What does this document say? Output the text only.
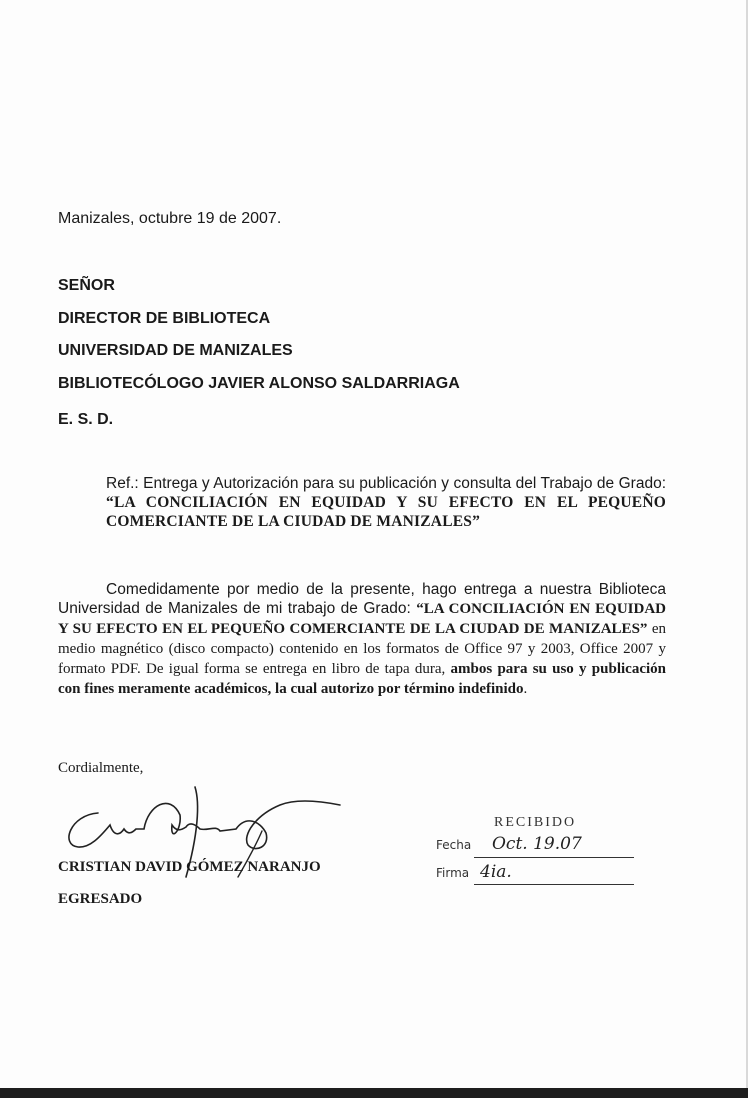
Manizales, octubre 19 de 2007.
SEÑOR
DIRECTOR DE BIBLIOTECA
UNIVERSIDAD DE MANIZALES
BIBLIOTECÓLOGO JAVIER ALONSO SALDARRIAGA
E. S. D.
Ref.: Entrega y Autorización para su publicación y consulta del Trabajo de Grado: “LA CONCILIACIÓN EN EQUIDAD Y SU EFECTO EN EL PEQUEÑO COMERCIANTE DE LA CIUDAD DE MANIZALES”
Comedidamente por medio de la presente, hago entrega a nuestra Biblioteca Universidad de Manizales de mi trabajo de Grado: “LA CONCILIACIÓN EN EQUIDAD Y SU EFECTO EN EL PEQUEÑO COMERCIANTE DE LA CIUDAD DE MANIZALES” en medio magnético (disco compacto) contenido en los formatos de Office 97 y 2003, Office 2007 y formato PDF. De igual forma se entrega en libro de tapa dura, ambos para su uso y publicación con fines meramente académicos, la cual autorizo por término indefinido.
Cordialmente,
CRISTIAN DAVID GÓMEZ NARANJO
EGRESADO
RECIBIDO
Fecha Oct. 19.07
Firma 4ia.
